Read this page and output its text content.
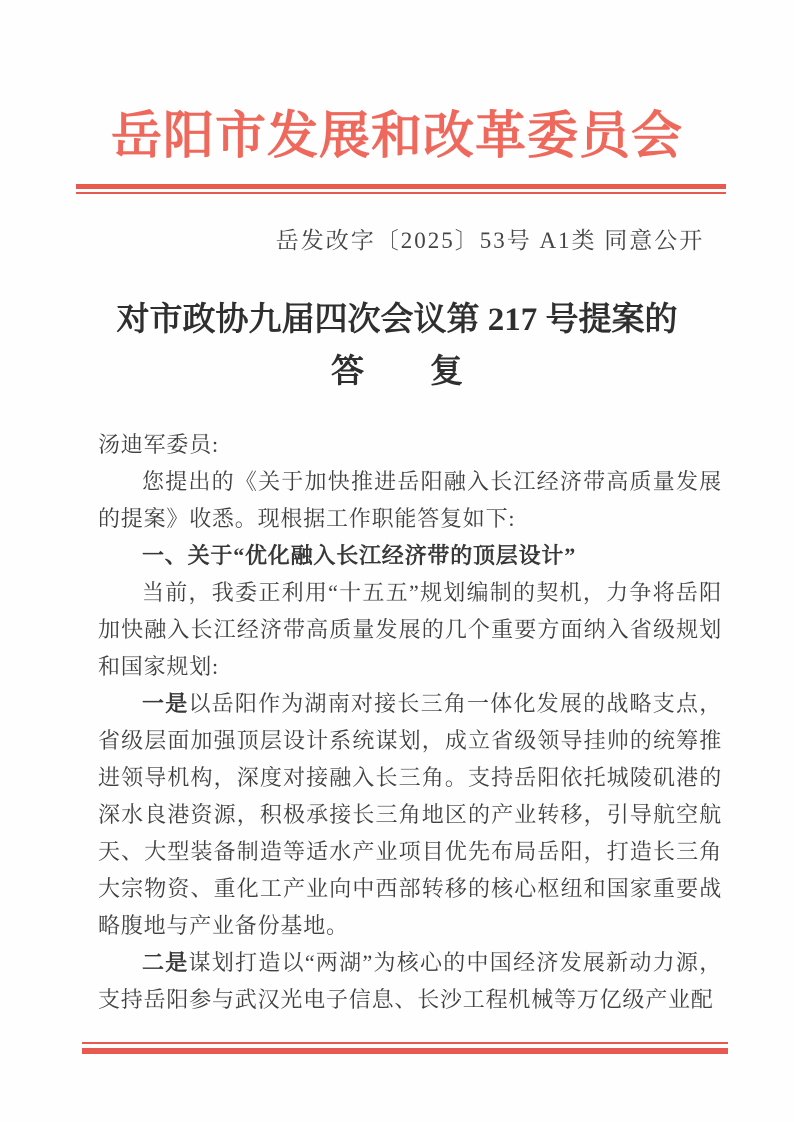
岳阳市发展和改革委员会
岳发改字〔2025〕53号 A1类 同意公开
对市政协九届四次会议第 217 号提案的
答　　复

汤迪军委员:

您提出的《关于加快推进岳阳融入长江经济带高质量发展的提案》收悉。现根据工作职能答复如下:

一、关于“优化融入长江经济带的顶层设计”

当前，我委正利用“十五五”规划编制的契机，力争将岳阳加快融入长江经济带高质量发展的几个重要方面纳入省级规划和国家规划:

一是以岳阳作为湖南对接长三角一体化发展的战略支点，省级层面加强顶层设计系统谋划，成立省级领导挂帅的统筹推进领导机构，深度对接融入长三角。支持岳阳依托城陵矶港的深水良港资源，积极承接长三角地区的产业转移，引导航空航天、大型装备制造等适水产业项目优先布局岳阳，打造长三角大宗物资、重化工产业向中西部转移的核心枢纽和国家重要战略腹地与产业备份基地。

二是谋划打造以“两湖”为核心的中国经济发展新动力源，支持岳阳参与武汉光电子信息、长沙工程机械等万亿级产业配
